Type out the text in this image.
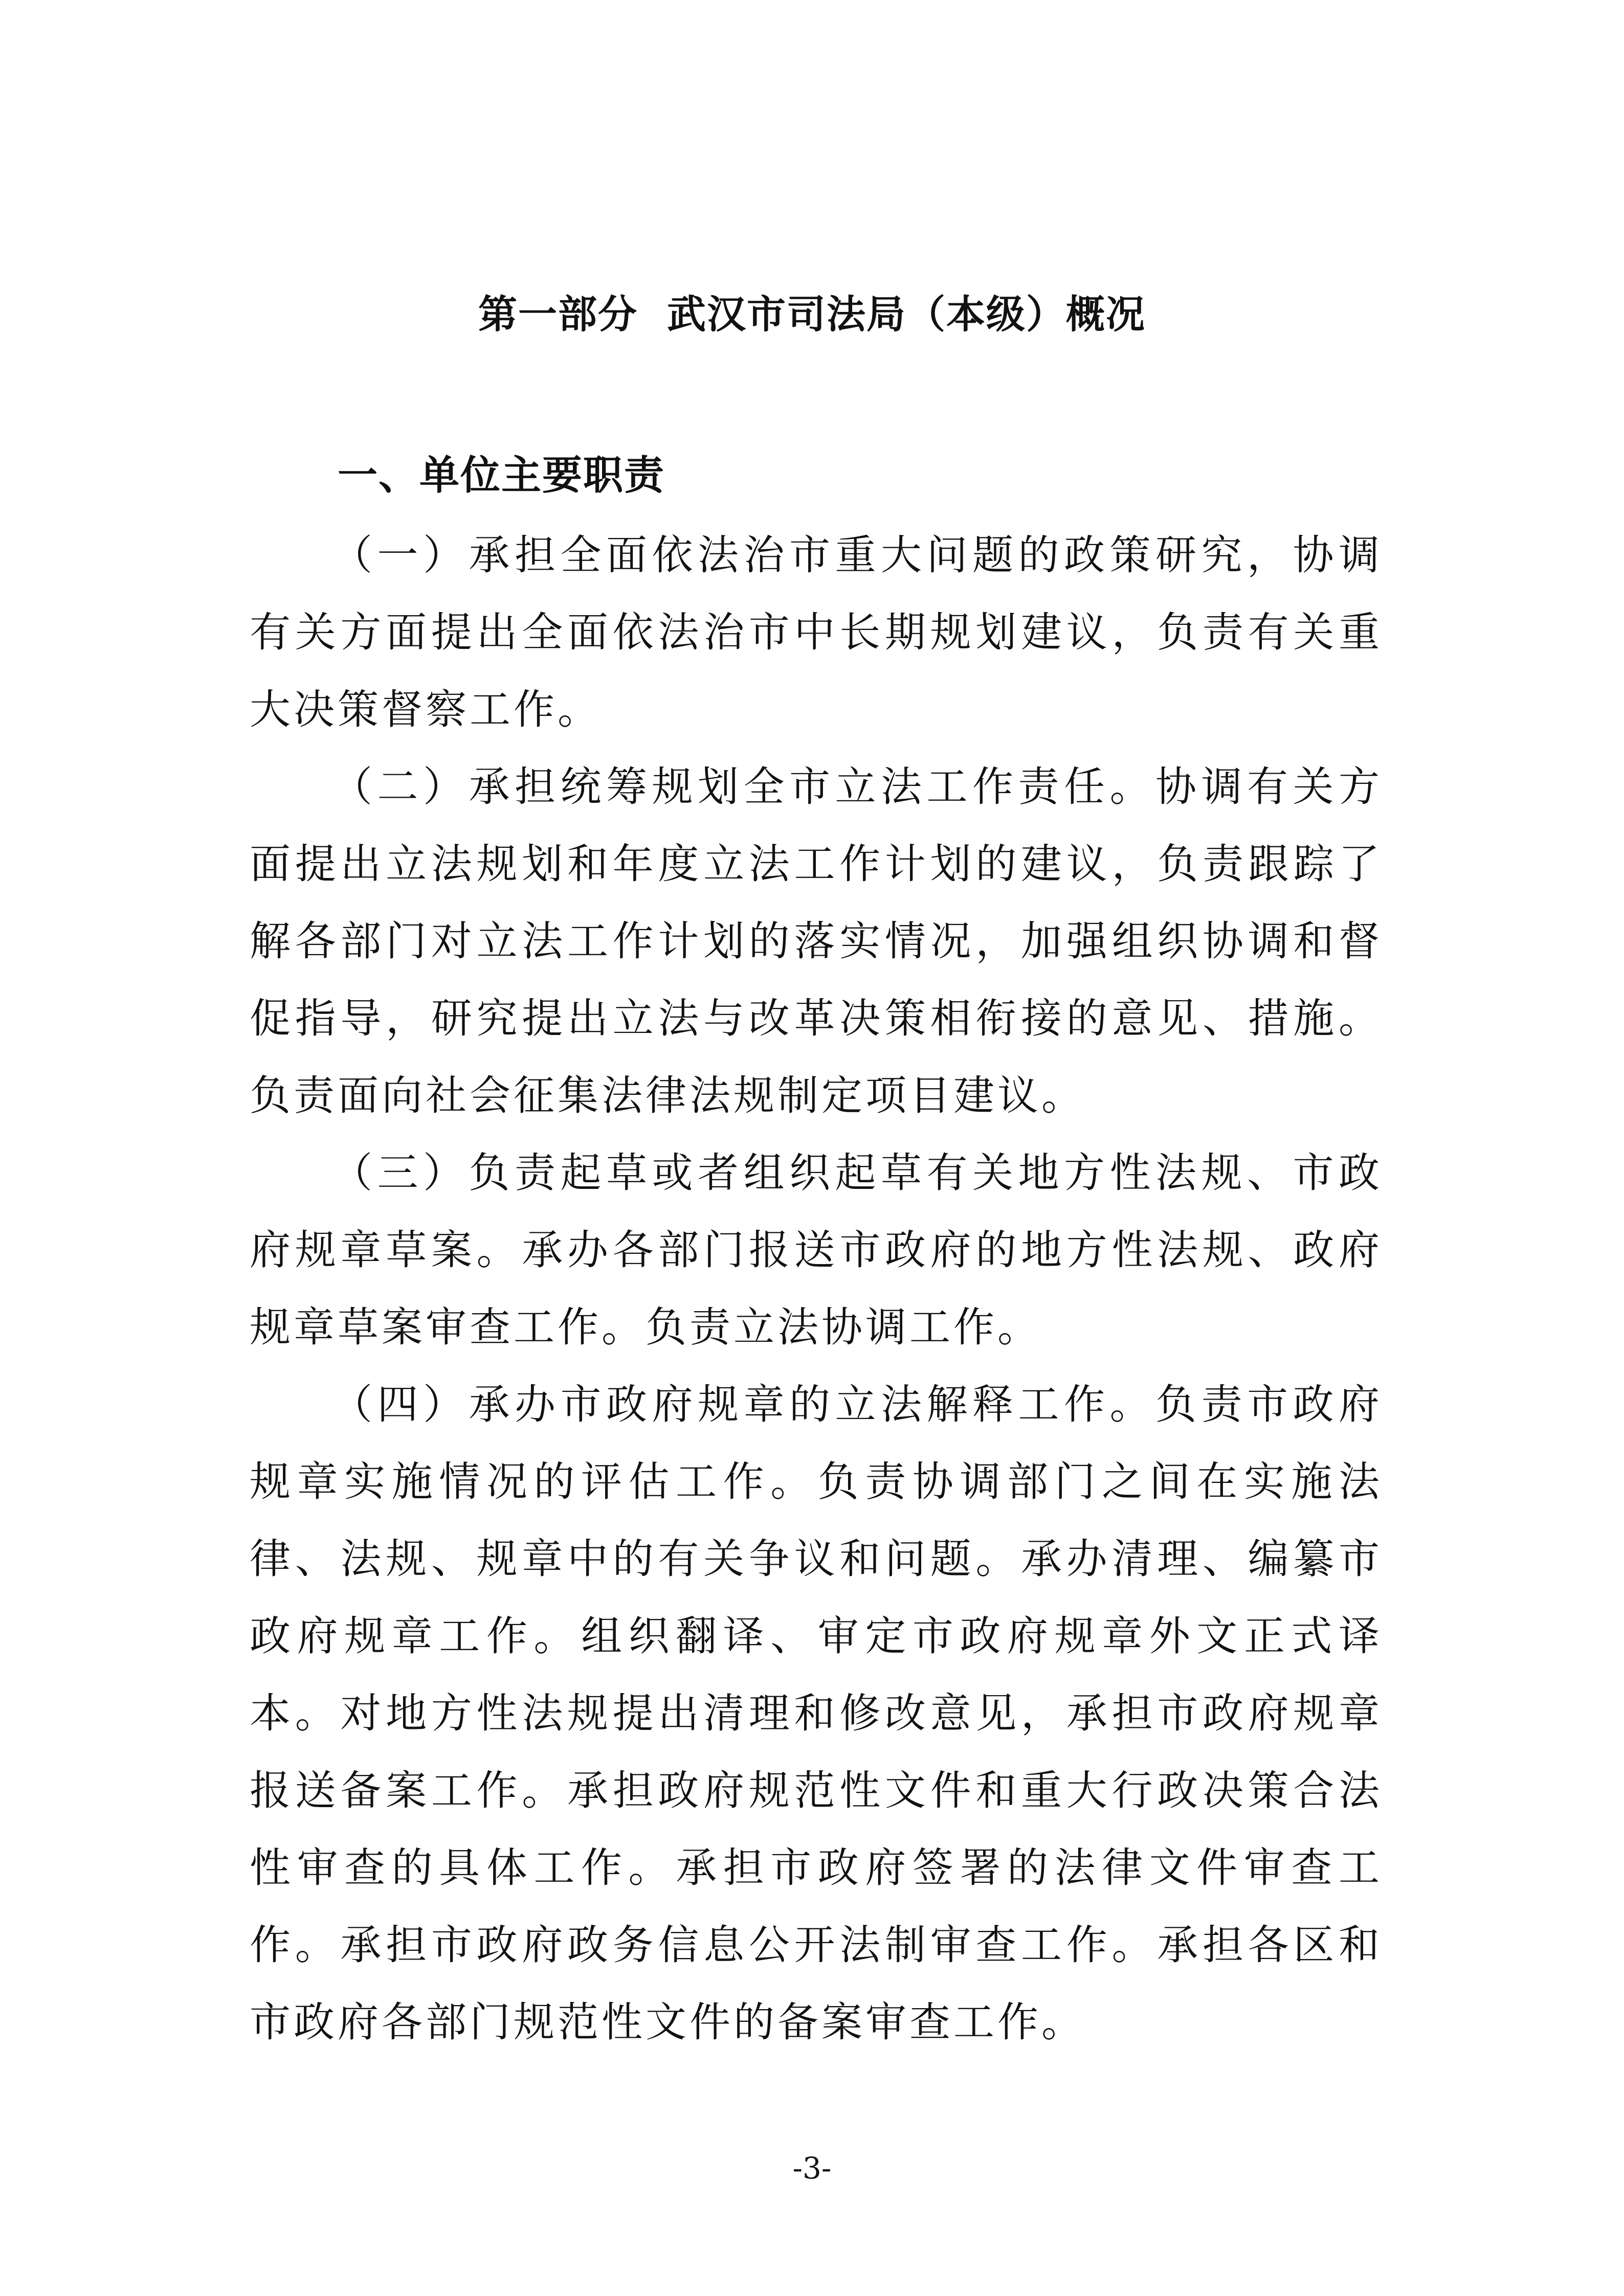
第一部分  武汉市司法局（本级）概况
一、单位主要职责

（一）承担全面依法治市重大问题的政策研究，协调有关方面提出全面依法治市中长期规划建议，负责有关重大决策督察工作。

（二）承担统筹规划全市立法工作责任。协调有关方面提出立法规划和年度立法工作计划的建议，负责跟踪了解各部门对立法工作计划的落实情况，加强组织协调和督促指导，研究提出立法与改革决策相衔接的意见、措施。负责面向社会征集法律法规制定项目建议。

（三）负责起草或者组织起草有关地方性法规、市政府规章草案。承办各部门报送市政府的地方性法规、政府规章草案审查工作。负责立法协调工作。

（四）承办市政府规章的立法解释工作。负责市政府规章实施情况的评估工作。负责协调部门之间在实施法律、法规、规章中的有关争议和问题。承办清理、编纂市政府规章工作。组织翻译、审定市政府规章外文正式译本。对地方性法规提出清理和修改意见，承担市政府规章报送备案工作。承担政府规范性文件和重大行政决策合法性审查的具体工作。承担市政府签署的法律文件审查工作。承担市政府政务信息公开法制审查工作。承担各区和市政府各部门规范性文件的备案审查工作。

-3-
